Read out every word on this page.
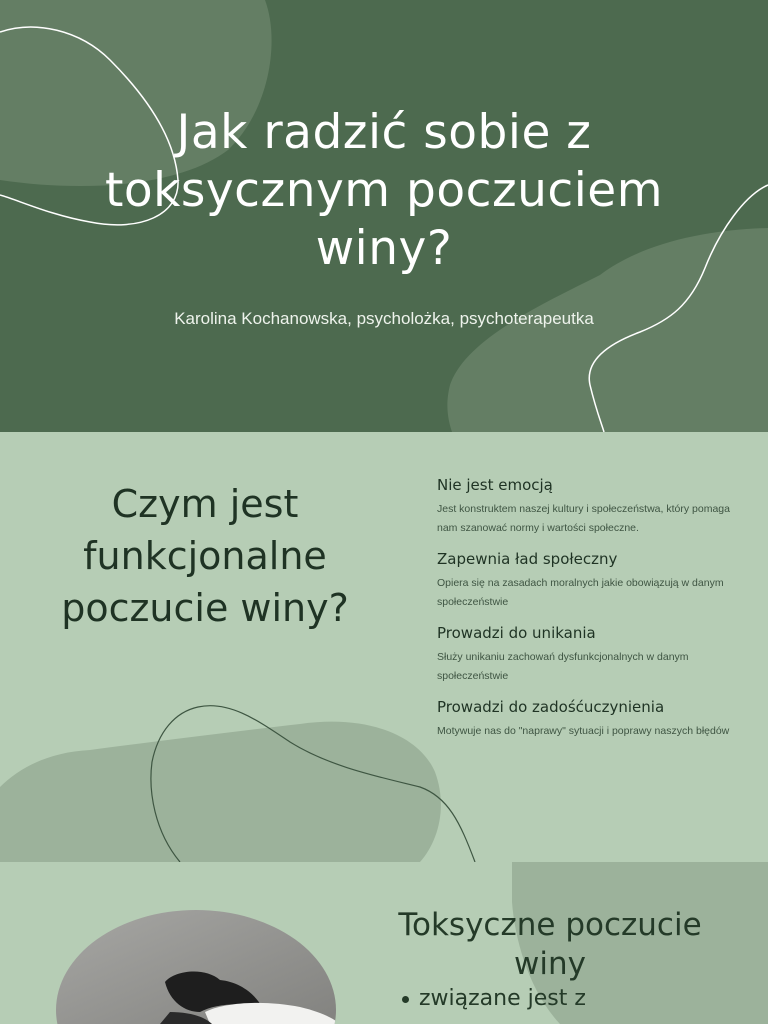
Jak radzić sobie z toksycznym poczuciem winy?
Karolina Kochanowska, psycholożka, psychoterapeutka
Czym jest funkcjonalne poczucie winy?
Nie jest emocją
Jest konstruktem naszej kultury i społeczeństwa, który pomaga nam szanować normy i wartości społeczne.
Zapewnia ład społeczny
Opiera się na zasadach moralnych jakie obowiązują w danym społeczeństwie
Prowadzi do unikania
Służy unikaniu zachowań dysfunkcjonalnych w danym społeczeństwie
Prowadzi do zadośćuczynienia
Motywuje nas do "naprawy" sytuacji i poprawy naszych błędów
Toksyczne poczucie winy
związane jest z
